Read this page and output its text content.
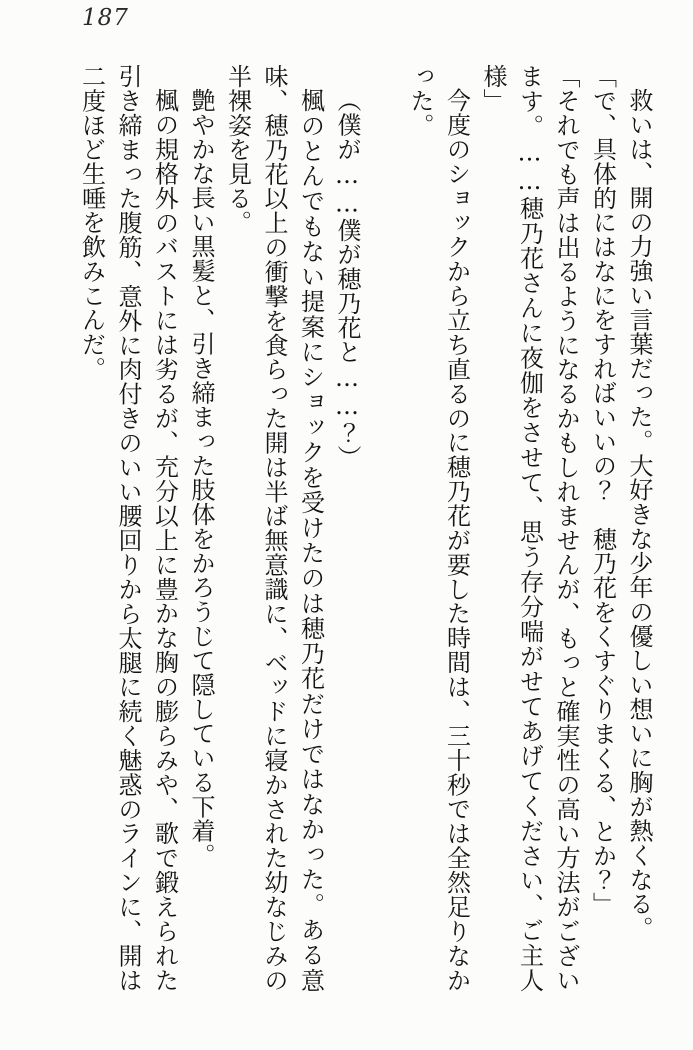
187

救いは、開の力強い言葉だった。大好きな少年の優しい想いに胸が熱くなる。

「で、具体的にはなにをすればいいの？　穂乃花をくすぐりまくる、とか？」

「それでも声は出るようになるかもしれませんが、もっと確実性の高い方法がございます。……穂乃花さんに夜伽をさせて、思う存分喘がせてあげてください、ご主人様」

今度のショックから立ち直るのに穂乃花が要した時間は、三十秒では全然足りなかった。

（僕が……僕が穂乃花と……？）

楓のとんでもない提案にショックを受けたのは穂乃花だけではなかった。ある意味、穂乃花以上の衝撃を食らった開は半ば無意識に、ベッドに寝かされた幼なじみの半裸姿を見る。

艶やかな長い黒髪と、引き締まった肢体をかろうじて隠している下着。

楓の規格外のバストには劣るが、充分以上に豊かな胸の膨らみや、歌で鍛えられた引き締まった腹筋、意外に肉付きのいい腰回りから太腿に続く魅惑のラインに、開は二度ほど生唾を飲みこんだ。
